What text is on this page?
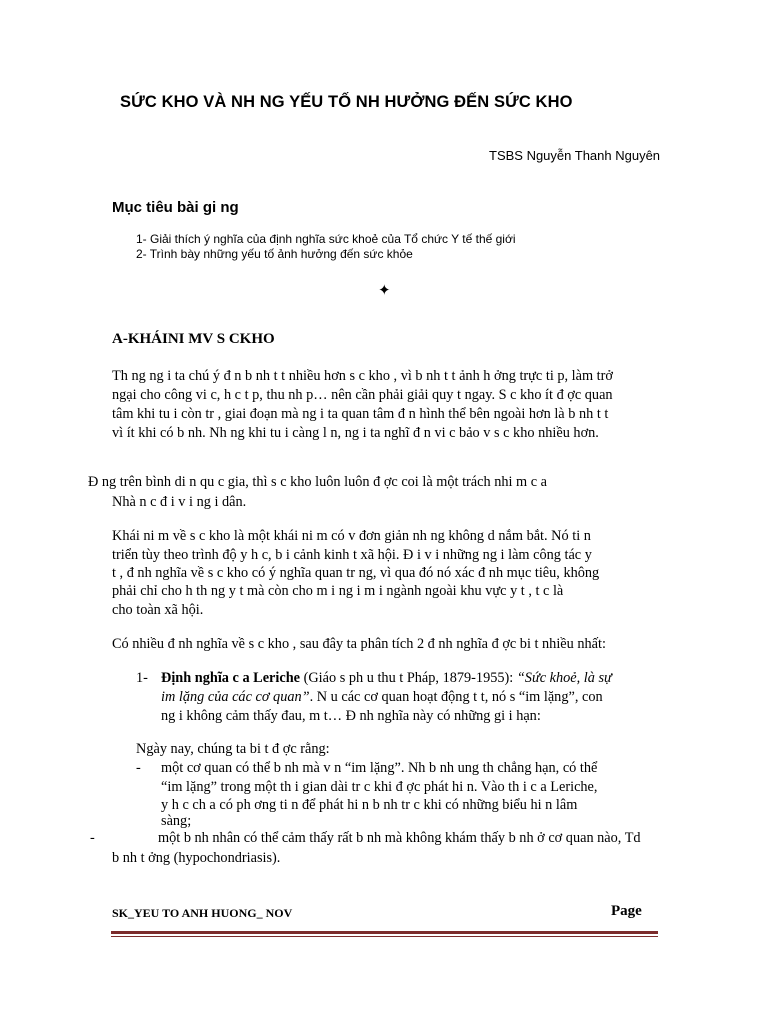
SỨC KHO VÀ NH NG YẾU TỐ NH HƯỞNG ĐẾN SỨC KHO
TSBS Nguyễn Thanh Nguyên
Mục tiêu bài gi ng
1- Giải thích ý nghĩa của định nghĩa sức khoẻ của Tổ chức Y tế thế giới
2- Trình bày những yếu tố ảnh hưởng đến sức khỏe
✦
A-KHÁINI MV S CKHO
Th ng ng i ta chú ý đ n b nh t t nhiều hơn s c kho , vì b nh t t ảnh h ởng trực ti p, làm trở
ngại cho công vi c, h c t p, thu nh p… nên cần phải giải quy t ngay. S c kho ít đ ợc quan
tâm khi tu i còn tr , giai đoạn mà ng i ta quan tâm đ n hình thể bên ngoài hơn là b nh t t
vì ít khi có b nh. Nh ng khi tu i càng l n, ng i ta nghĩ đ n vi c bảo v s c kho nhiều hơn.
Đ ng trên bình di n qu c gia, thì s c kho luôn luôn đ ợc coi là một trách nhi m c a
Nhà n c đ i v i ng i dân.
Khái ni m về s c kho là một khái ni m có v đơn giản nh ng không d nắm bắt. Nó ti n
triển tùy theo trình độ y h c, b i cảnh kinh t xã hội. Đ i v i những ng i làm công tác y
t , đ nh nghĩa về s c kho có ý nghĩa quan tr ng, vì qua đó nó xác đ nh mục tiêu, không
phải chỉ cho h th ng y t mà còn cho m i ng i m i ngành ngoài khu vực y t , t c là
cho toàn xã hội.
Có nhiều đ nh nghĩa về s c kho , sau đây ta phân tích 2 đ nh nghĩa đ ợc bi t nhiều nhất:
1- Định nghĩa c a Leriche (Giáo s ph u thu t Pháp, 1879-1955): “Sức khoẻ, là sự
im lặng của các cơ quan”. N u các cơ quan hoạt động t t, nó s “im lặng”, con
ng i không cảm thấy đau, m t… Đ nh nghĩa này có những gi i hạn:
Ngày nay, chúng ta bi t đ ợc rằng:
- một cơ quan có thể b nh mà v n “im lặng”. Nh b nh ung th chẳng hạn, có thể
“im lặng” trong một th i gian dài tr c khi đ ợc phát hi n. Vào th i c a Leriche,
y h c ch a có ph ơng ti n để phát hi n b nh tr c khi có những biểu hi n lâm
sàng;
-	một b nh nhân có thể cảm thấy rất b nh mà không khám thấy b nh ở cơ quan nào, Td
b nh t ởng (hypochondriasis).
SK_YEU TO ANH HUONG_ NOV	Page
